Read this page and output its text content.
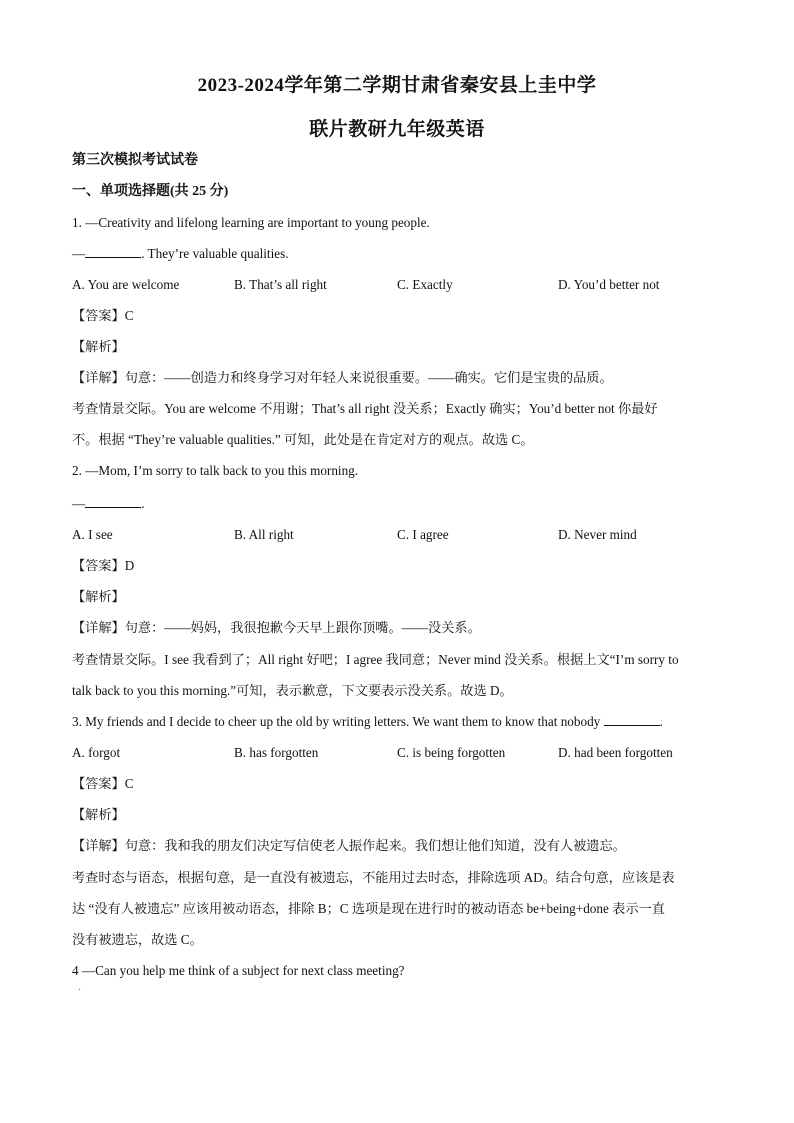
2023-2024学年第二学期甘肃省秦安县上圭中学
联片教研九年级英语
第三次模拟考试试卷
一、单项选择题(共 25 分)
1. —Creativity and lifelong learning are important to young people.
—	. They’re valuable qualities.
A. You are welcome	B. That’s all right	C. Exactly	D. You’d better not
【答案】C
【解析】
【详解】句意：——创造力和终身学习对年轻人来说很重要。——确实。它们是宝贵的品质。
考查情景交际。You are welcome 不用谢；That’s all right 没关系；Exactly 确实；You’d better not 你最好
不。根据 “They’re valuable qualities.” 可知，此处是在肯定对方的观点。故选 C。
2. —Mom, I’m sorry to talk back to you this morning.
—	.
A. I see	B. All right	C. I agree	D. Never mind
【答案】D
【解析】
【详解】句意：——妈妈，我很抱歉今天早上跟你顶嘴。——没关系。
考查情景交际。I see 我看到了；All right 好吧；I agree 我同意；Never mind 没关系。根据上文“I’m sorry to
talk back to you this morning.”可知，表示歉意，下文要表示没关系。故选 D。
3. My friends and I decide to cheer up the old by writing letters. We want them to know that nobody	.
A. forgot	B. has forgotten	C. is being forgotten	D. had been forgotten
【答案】C
【解析】
【详解】句意：我和我的朋友们决定写信使老人振作起来。我们想让他们知道，没有人被遗忘。
考查时态与语态，根据句意，是一直没有被遗忘，不能用过去时态，排除选项 AD。结合句意，应该是表
达 “没有人被遗忘” 应该用被动语态，排除 B；C 选项是现在进行时的被动语态 be+being+done 表示一直
没有被遗忘，故选 C。
4 —Can you help me think of a subject for next class meeting?
·
